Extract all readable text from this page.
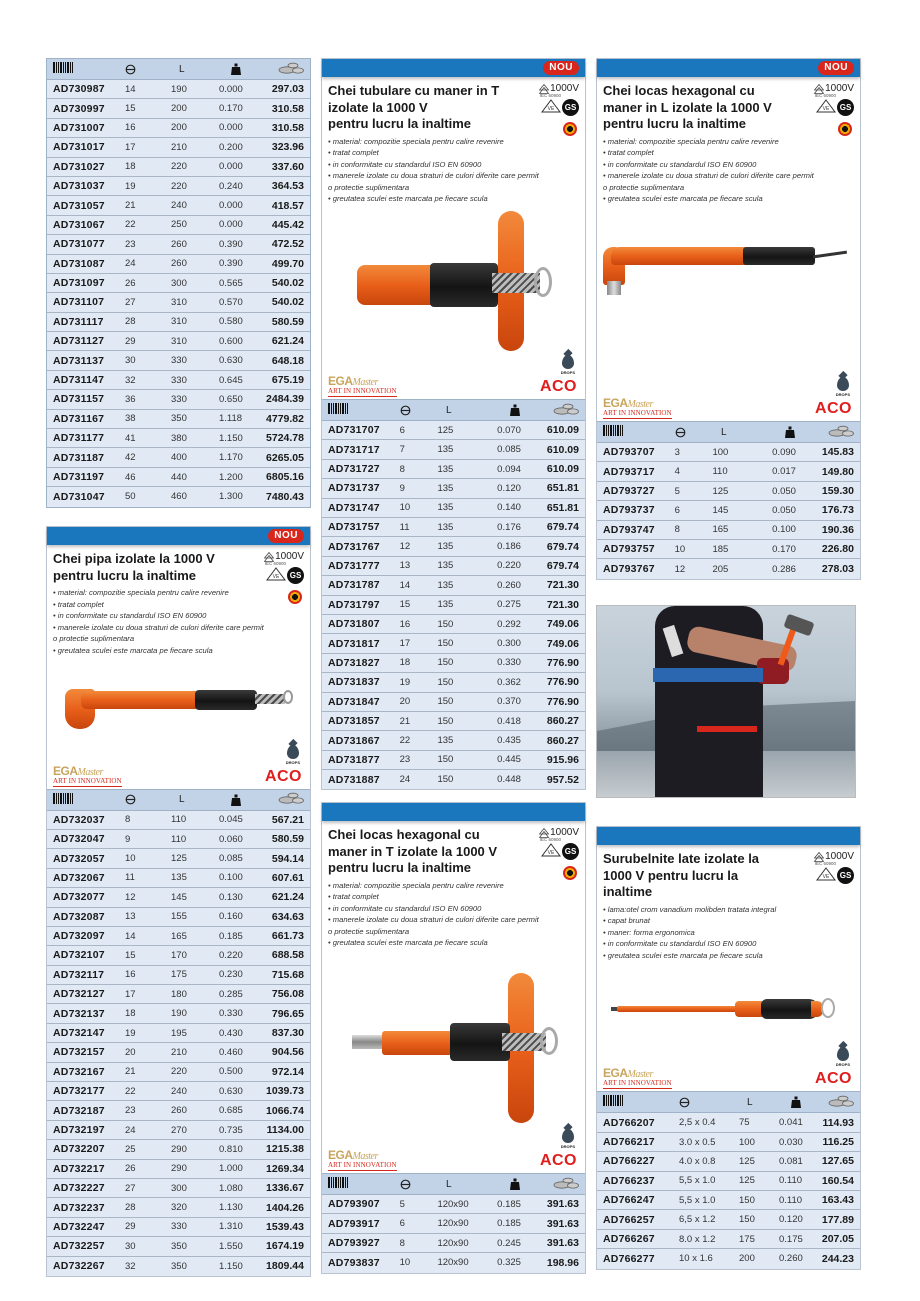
L
AD730987	14	190	0.000	297.03
AD730997	15	200	0.170	310.58
AD731007	16	200	0.000	310.58
AD731017	17	210	0.200	323.96
AD731027	18	220	0.000	337.60
AD731037	19	220	0.240	364.53
AD731057	21	240	0.000	418.57
AD731067	22	250	0.000	445.42
AD731077	23	260	0.390	472.52
AD731087	24	260	0.390	499.70
AD731097	26	300	0.565	540.02
AD731107	27	310	0.570	540.02
AD731117	28	310	0.580	580.59
AD731127	29	310	0.600	621.24
AD731137	30	330	0.630	648.18
AD731147	32	330	0.645	675.19
AD731157	36	330	0.650	2484.39
AD731167	38	350	1.118	4779.82
AD731177	41	380	1.150	5724.78
AD731187	42	400	1.170	6265.05
AD731197	46	440	1.200	6805.16
AD731047	50	460	1.300	7480.43
NOU
Chei pipa izolate la 1000 V
pentru lucru la inaltime
1000V
IEC 60900
VE GS
• material: compozitie speciala pentru calire revenire
• tratat complet
• in conformitate cu standardul ISO EN 60900
• manerele izolate cu doua straturi de culori diferite care permit
o protectie suplimentara
• greutatea sculei este marcata pe fiecare scula
DROPS
EGAMaster
ART IN INNOVATION	ACO
L
AD732037	8	110	0.045	567.21
AD732047	9	110	0.060	580.59
AD732057	10	125	0.085	594.14
AD732067	11	135	0.100	607.61
AD732077	12	145	0.130	621.24
AD732087	13	155	0.160	634.63
AD732097	14	165	0.185	661.73
AD732107	15	170	0.220	688.58
AD732117	16	175	0.230	715.68
AD732127	17	180	0.285	756.08
AD732137	18	190	0.330	796.65
AD732147	19	195	0.430	837.30
AD732157	20	210	0.460	904.56
AD732167	21	220	0.500	972.14
AD732177	22	240	0.630	1039.73
AD732187	23	260	0.685	1066.74
AD732197	24	270	0.735	1134.00
AD732207	25	290	0.810	1215.38
AD732217	26	290	1.000	1269.34
AD732227	27	300	1.080	1336.67
AD732237	28	320	1.130	1404.26
AD732247	29	330	1.310	1539.43
AD732257	30	350	1.550	1674.19
AD732267	32	350	1.150	1809.44
NOU
Chei tubulare cu maner in T
izolate la 1000 V
pentru lucru la inaltime
1000V
IEC 60900
VE GS
• material: compozitie speciala pentru calire revenire
• tratat complet
• in conformitate cu standardul ISO EN 60900
• manerele izolate cu doua straturi de culori diferite care permit
o protectie suplimentara
• greutatea sculei este marcata pe fiecare scula
DROPS
EGAMaster
ART IN INNOVATION	ACO
L
AD731707	6	125	0.070	610.09
AD731717	7	135	0.085	610.09
AD731727	8	135	0.094	610.09
AD731737	9	135	0.120	651.81
AD731747	10	135	0.140	651.81
AD731757	11	135	0.176	679.74
AD731767	12	135	0.186	679.74
AD731777	13	135	0.220	679.74
AD731787	14	135	0.260	721.30
AD731797	15	135	0.275	721.30
AD731807	16	150	0.292	749.06
AD731817	17	150	0.300	749.06
AD731827	18	150	0.330	776.90
AD731837	19	150	0.362	776.90
AD731847	20	150	0.370	776.90
AD731857	21	150	0.418	860.27
AD731867	22	135	0.435	860.27
AD731877	23	150	0.445	915.96
AD731887	24	150	0.448	957.52
Chei locas hexagonal cu
maner in T izolate la 1000 V
pentru lucru la inaltime
1000V
IEC 60900
VE GS
• material: compozitie speciala pentru calire revenire
• tratat complet
• in conformitate cu standardul ISO EN 60900
• manerele izolate cu doua straturi de culori diferite care permit
o protectie suplimentara
• greutatea sculei este marcata pe fiecare scula
DROPS
EGAMaster
ART IN INNOVATION	ACO
L
AD793907	5	120x90	0.185	391.63
AD793917	6	120x90	0.185	391.63
AD793927	8	120x90	0.245	391.63
AD793837	10	120x90	0.325	198.96
NOU
Chei locas hexagonal cu
maner in L izolate la 1000 V
pentru lucru la inaltime
1000V
IEC 60900
VE GS
• material: compozitie speciala pentru calire revenire
• tratat complet
• in conformitate cu standardul ISO EN 60900
• manerele izolate cu doua straturi de culori diferite care permit
o protectie suplimentara
• greutatea sculei este marcata pe fiecare scula
DROPS
EGAMaster
ART IN INNOVATION	ACO
L
AD793707	3	100	0.090	145.83
AD793717	4	110	0.017	149.80
AD793727	5	125	0.050	159.30
AD793737	6	145	0.050	176.73
AD793747	8	165	0.100	190.36
AD793757	10	185	0.170	226.80
AD793767	12	205	0.286	278.03
Surubelnite late izolate la
1000 V pentru lucru la
inaltime
1000V
IEC 60900
VE GS
• lama:otel crom vanadium molibden tratata integral
• capat brunat
• maner: forma ergonomica
• in conformitate cu standardul ISO EN 60900
• greutatea sculei este marcata pe fiecare scula
DROPS
EGAMaster
ART IN INNOVATION	ACO
L
AD766207	2,5 x 0.4	75	0.041	114.93
AD766217	3.0 x 0.5	100	0.030	116.25
AD766227	4.0 x 0.8	125	0.081	127.65
AD766237	5,5 x 1.0	125	0.110	160.54
AD766247	5,5 x 1.0	150	0.110	163.43
AD766257	6,5 x 1.2	150	0.120	177.89
AD766267	8.0 x 1.2	175	0.175	207.05
AD766277	10 x 1.6	200	0.260	244.23
